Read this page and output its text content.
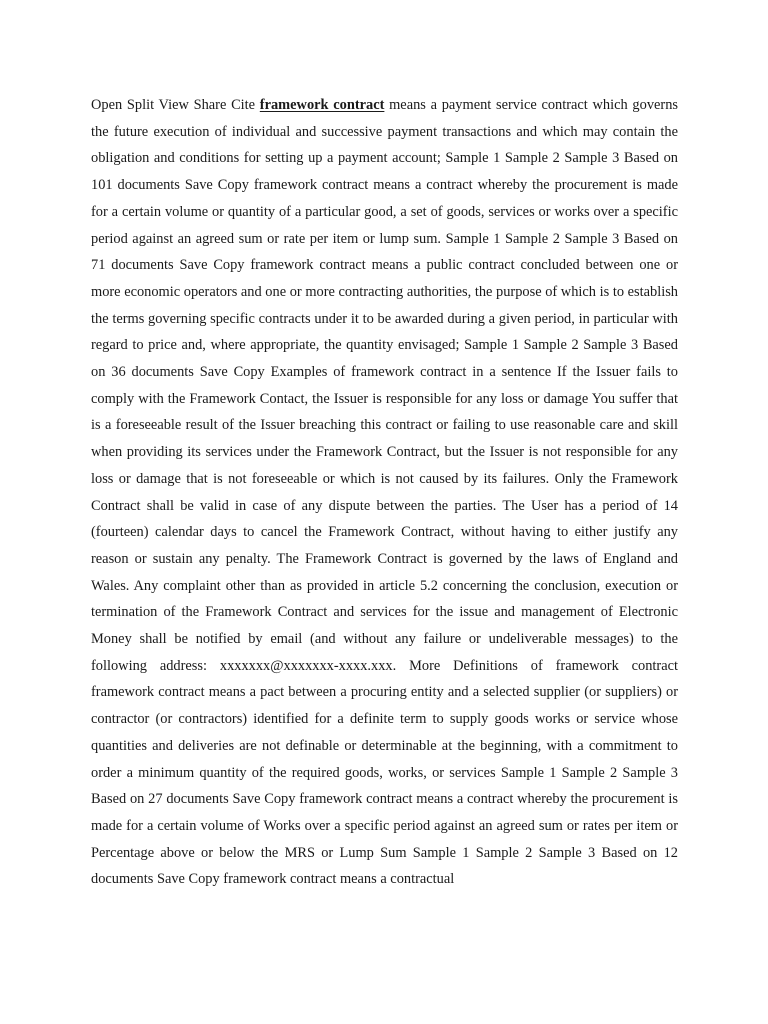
Open Split View Share Cite framework contract means a payment service contract which governs the future execution of individual and successive payment transactions and which may contain the obligation and conditions for setting up a payment account; Sample 1 Sample 2 Sample 3 Based on 101 documents Save Copy framework contract means a contract whereby the procurement is made for a certain volume or quantity of a particular good, a set of goods, services or works over a specific period against an agreed sum or rate per item or lump sum. Sample 1 Sample 2 Sample 3 Based on 71 documents Save Copy framework contract means a public contract concluded between one or more economic operators and one or more contracting authorities, the purpose of which is to establish the terms governing specific contracts under it to be awarded during a given period, in particular with regard to price and, where appropriate, the quantity envisaged; Sample 1 Sample 2 Sample 3 Based on 36 documents Save Copy Examples of framework contract in a sentence If the Issuer fails to comply with the Framework Contact, the Issuer is responsible for any loss or damage You suffer that is a foreseeable result of the Issuer breaching this contract or failing to use reasonable care and skill when providing its services under the Framework Contract, but the Issuer is not responsible for any loss or damage that is not foreseeable or which is not caused by its failures. Only the Framework Contract shall be valid in case of any dispute between the parties. The User has a period of 14 (fourteen) calendar days to cancel the Framework Contract, without having to either justify any reason or sustain any penalty. The Framework Contract is governed by the laws of England and Wales. Any complaint other than as provided in article 5.2 concerning the conclusion, execution or termination of the Framework Contract and services for the issue and management of Electronic Money shall be notified by email (and without any failure or undeliverable messages) to the following address: xxxxxxx@xxxxxxx-xxxx.xxx. More Definitions of framework contract framework contract means a pact between a procuring entity and a selected supplier (or suppliers) or contractor (or contractors) identified for a definite term to supply goods works or service whose quantities and deliveries are not definable or determinable at the beginning, with a commitment to order a minimum quantity of the required goods, works, or services Sample 1 Sample 2 Sample 3 Based on 27 documents Save Copy framework contract means a contract whereby the procurement is made for a certain volume of Works over a specific period against an agreed sum or rates per item or Percentage above or below the MRS or Lump Sum Sample 1 Sample 2 Sample 3 Based on 12 documents Save Copy framework contract means a contractual
